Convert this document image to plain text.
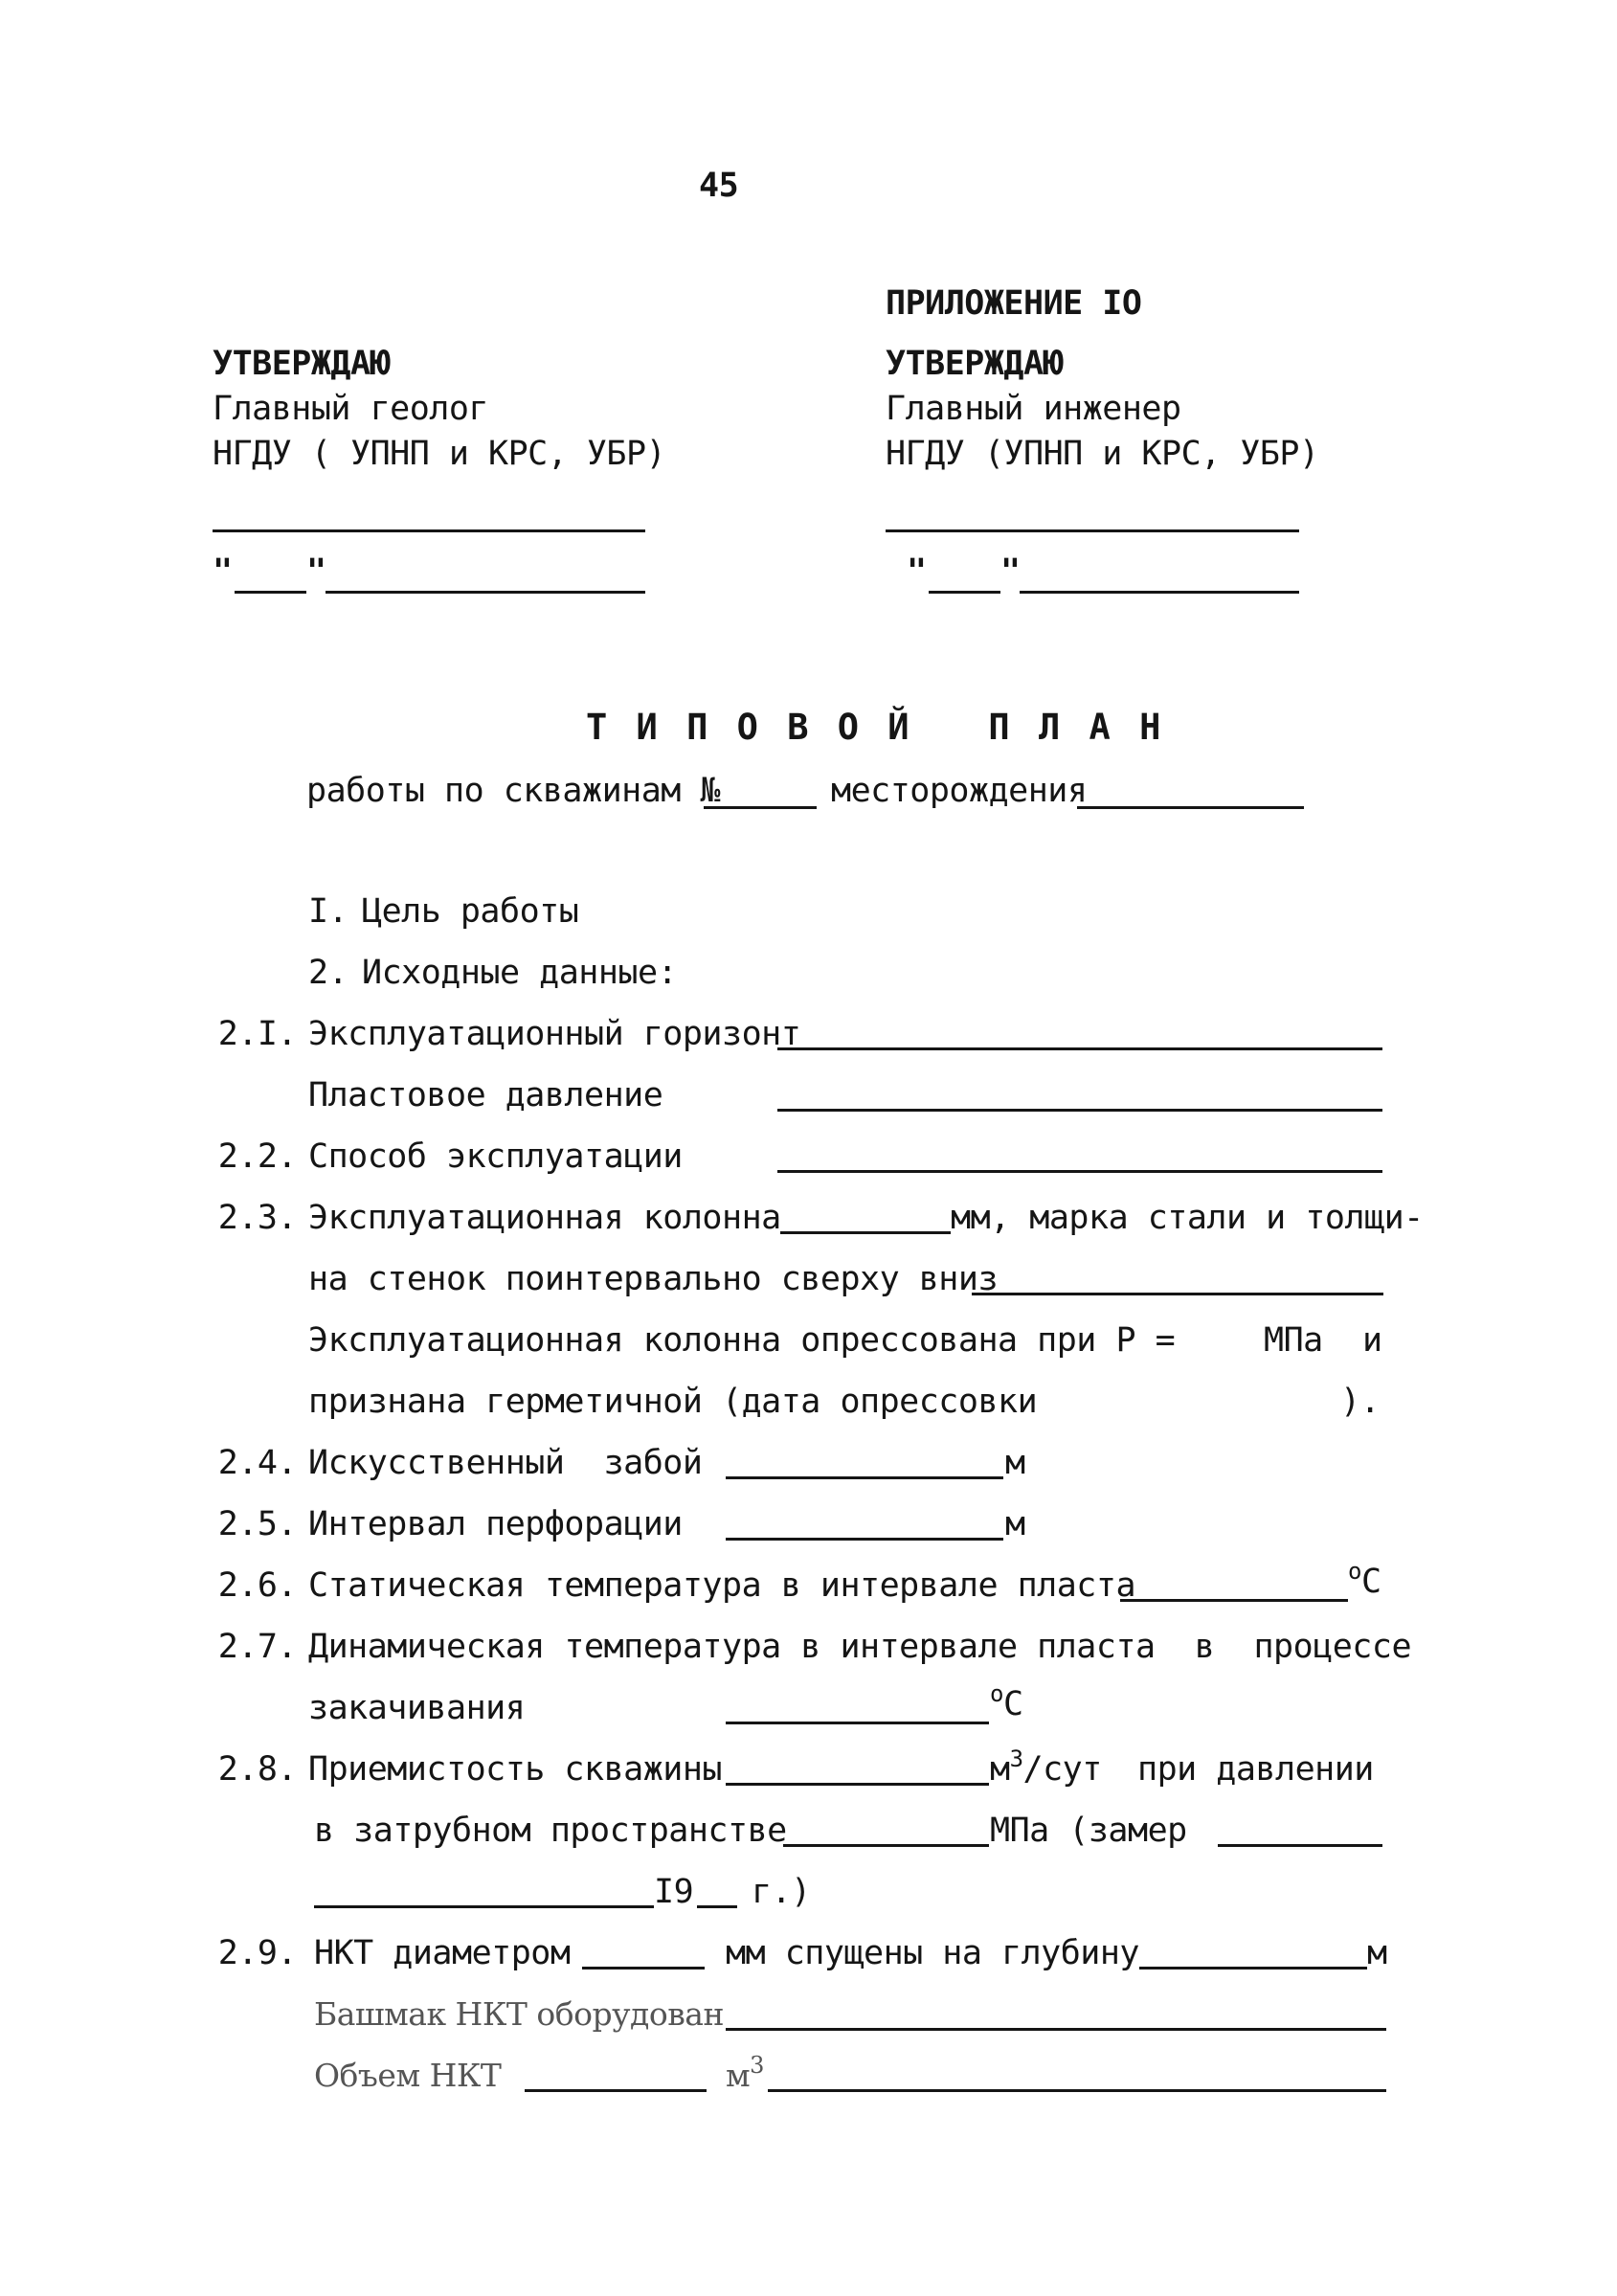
45
ПРИЛОЖЕНИЕ IO
УТВЕРЖДАЮ
Главный геолог
НГДУ ( УПНП и КРС, УБР)
" "
УТВЕРЖДАЮ
Главный инженер
НГДУ (УПНП и КРС, УБР)
" "
Т И П О В О Й   П Л А Н
работы по скважинам №	месторождения
I. Цель работы
2. Исходные данные:
2.I. Эксплуатационный горизонт
Пластовое давление
2.2. Способ эксплуатации
2.3. Эксплуатационная колонна	мм, марка стали и толщи-
на стенок поинтервально сверху вниз
Эксплуатационная колонна опрессована при Р =	МПа и
признана герметичной (дата опрессовки	).
2.4. Искусственный  забой	м
2.5. Интервал перфорации	м
2.6. Статическая температура в интервале пласта	$^o$C
2.7. Динамическая температура в интервале пласта  в  процессе
закачивания	$^o$C
2.8. Приемистость скважины	$м^3$/сут при давлении
в затрубном пространстве	МПа (замер
I9 г.)
2.9. НКТ диаметром	мм спущены на глубину	м
Башмак НКТ оборудован
Объем НКТ	$м^3$
